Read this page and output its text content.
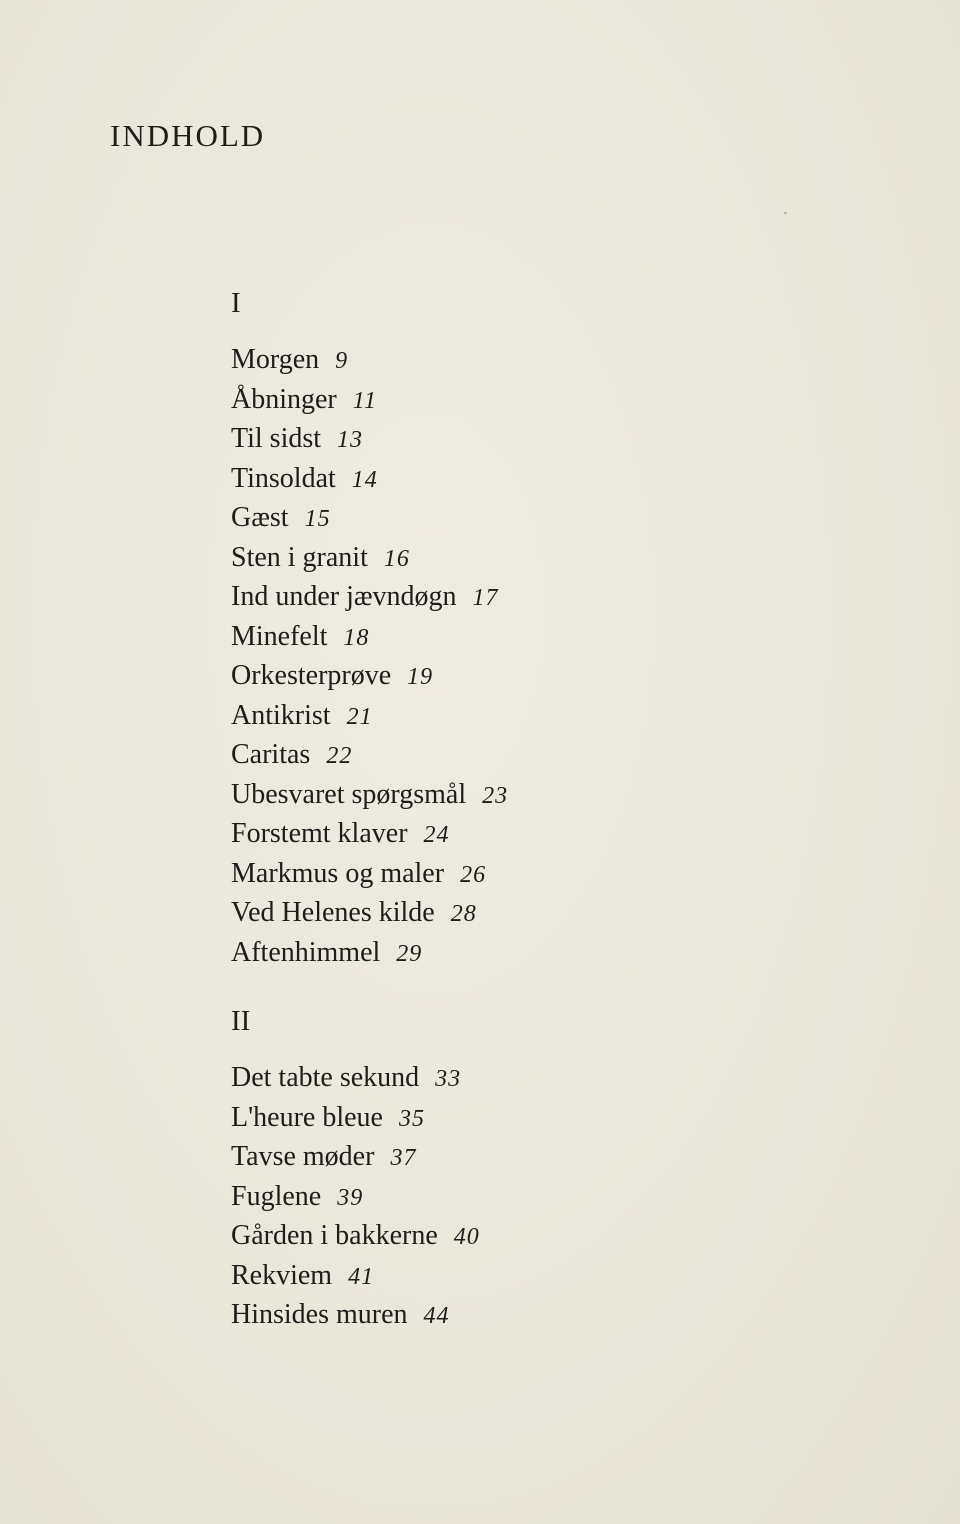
INDHOLD
I
Morgen 9
Åbninger 11
Til sidst 13
Tinsoldat 14
Gæst 15
Sten i granit 16
Ind under jævndøgn 17
Minefelt 18
Orkesterprøve 19
Antikrist 21
Caritas 22
Ubesvaret spørgsmål 23
Forstemt klaver 24
Markmus og maler 26
Ved Helenes kilde 28
Aftenhimmel 29
II
Det tabte sekund 33
L'heure bleue 35
Tavse møder 37
Fuglene 39
Gården i bakkerne 40
Rekviem 41
Hinsides muren 44
